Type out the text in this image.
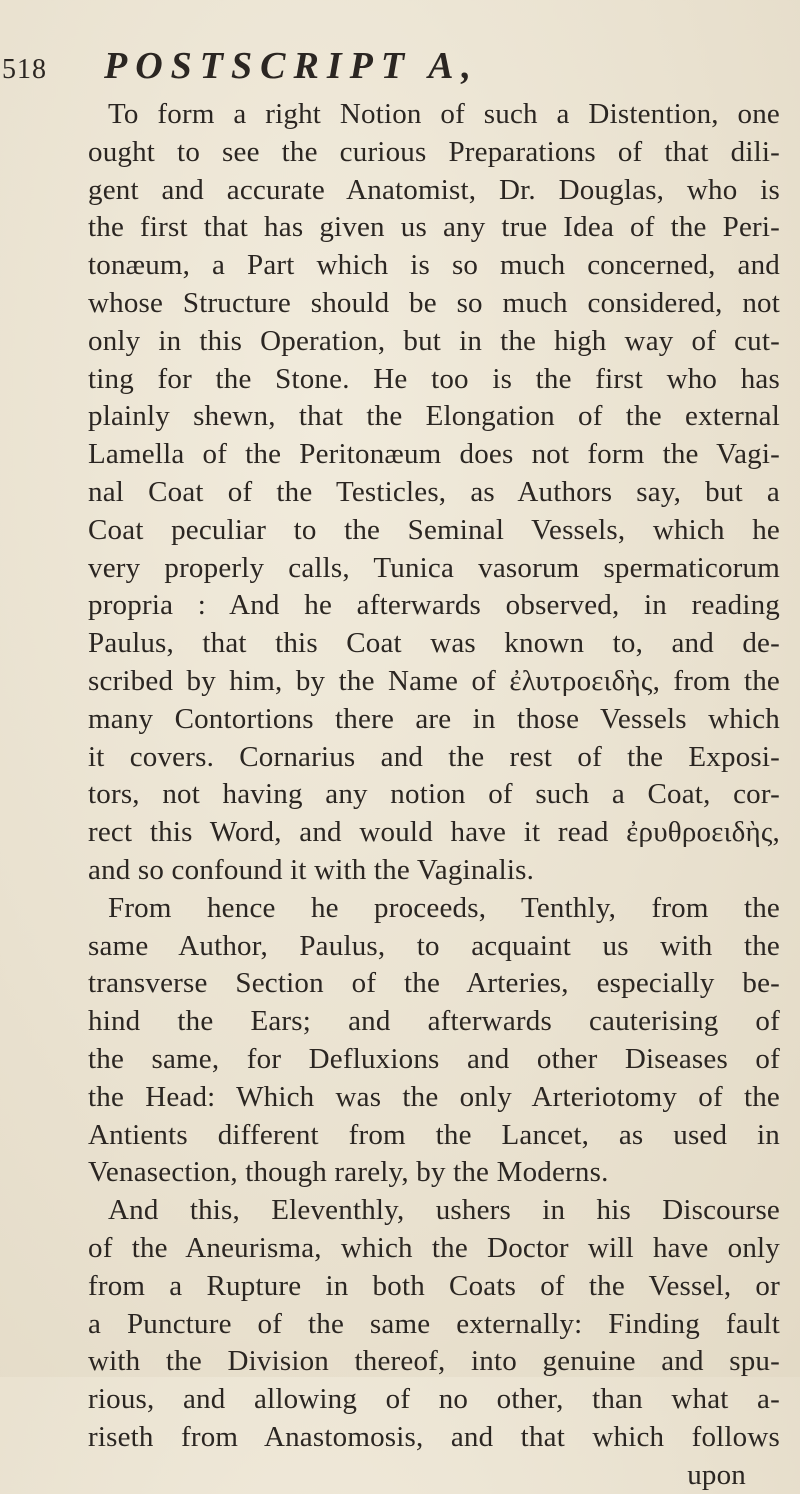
518 POSTSCRIPT A,
To form a right Notion of such a Distention, one
ought to see the curious Preparations of that dili-
gent and accurate Anatomist, Dr. Douglas, who is
the first that has given us any true Idea of the Peri-
tonæum, a Part which is so much concerned, and
whose Structure should be so much considered, not
only in this Operation, but in the high way of cut-
ting for the Stone. He too is the first who has
plainly shewn, that the Elongation of the external
Lamella of the Peritonæum does not form the Vagi-
nal Coat of the Testicles, as Authors say, but a
Coat peculiar to the Seminal Vessels, which he
very properly calls, Tunica vasorum spermaticorum
propria : And he afterwards observed, in reading
Paulus, that this Coat was known to, and de-
scribed by him, by the Name of ἐλυτροειδὴς, from the
many Contortions there are in those Vessels which
it covers. Cornarius and the rest of the Exposi-
tors, not having any notion of such a Coat, cor-
rect this Word, and would have it read ἐρυθροειδὴς,
and so confound it with the Vaginalis.
From hence he proceeds, Tenthly, from the
same Author, Paulus, to acquaint us with the
transverse Section of the Arteries, especially be-
hind the Ears; and afterwards cauterising of
the same, for Defluxions and other Diseases of
the Head: Which was the only Arteriotomy of the
Antients different from the Lancet, as used in
Venasection, though rarely, by the Moderns.
And this, Eleventhly, ushers in his Discourse
of the Aneurisma, which the Doctor will have only
from a Rupture in both Coats of the Vessel, or
a Puncture of the same externally: Finding fault
with the Division thereof, into genuine and spu-
rious, and allowing of no other, than what a-
riseth from Anastomosis, and that which follows
upon
